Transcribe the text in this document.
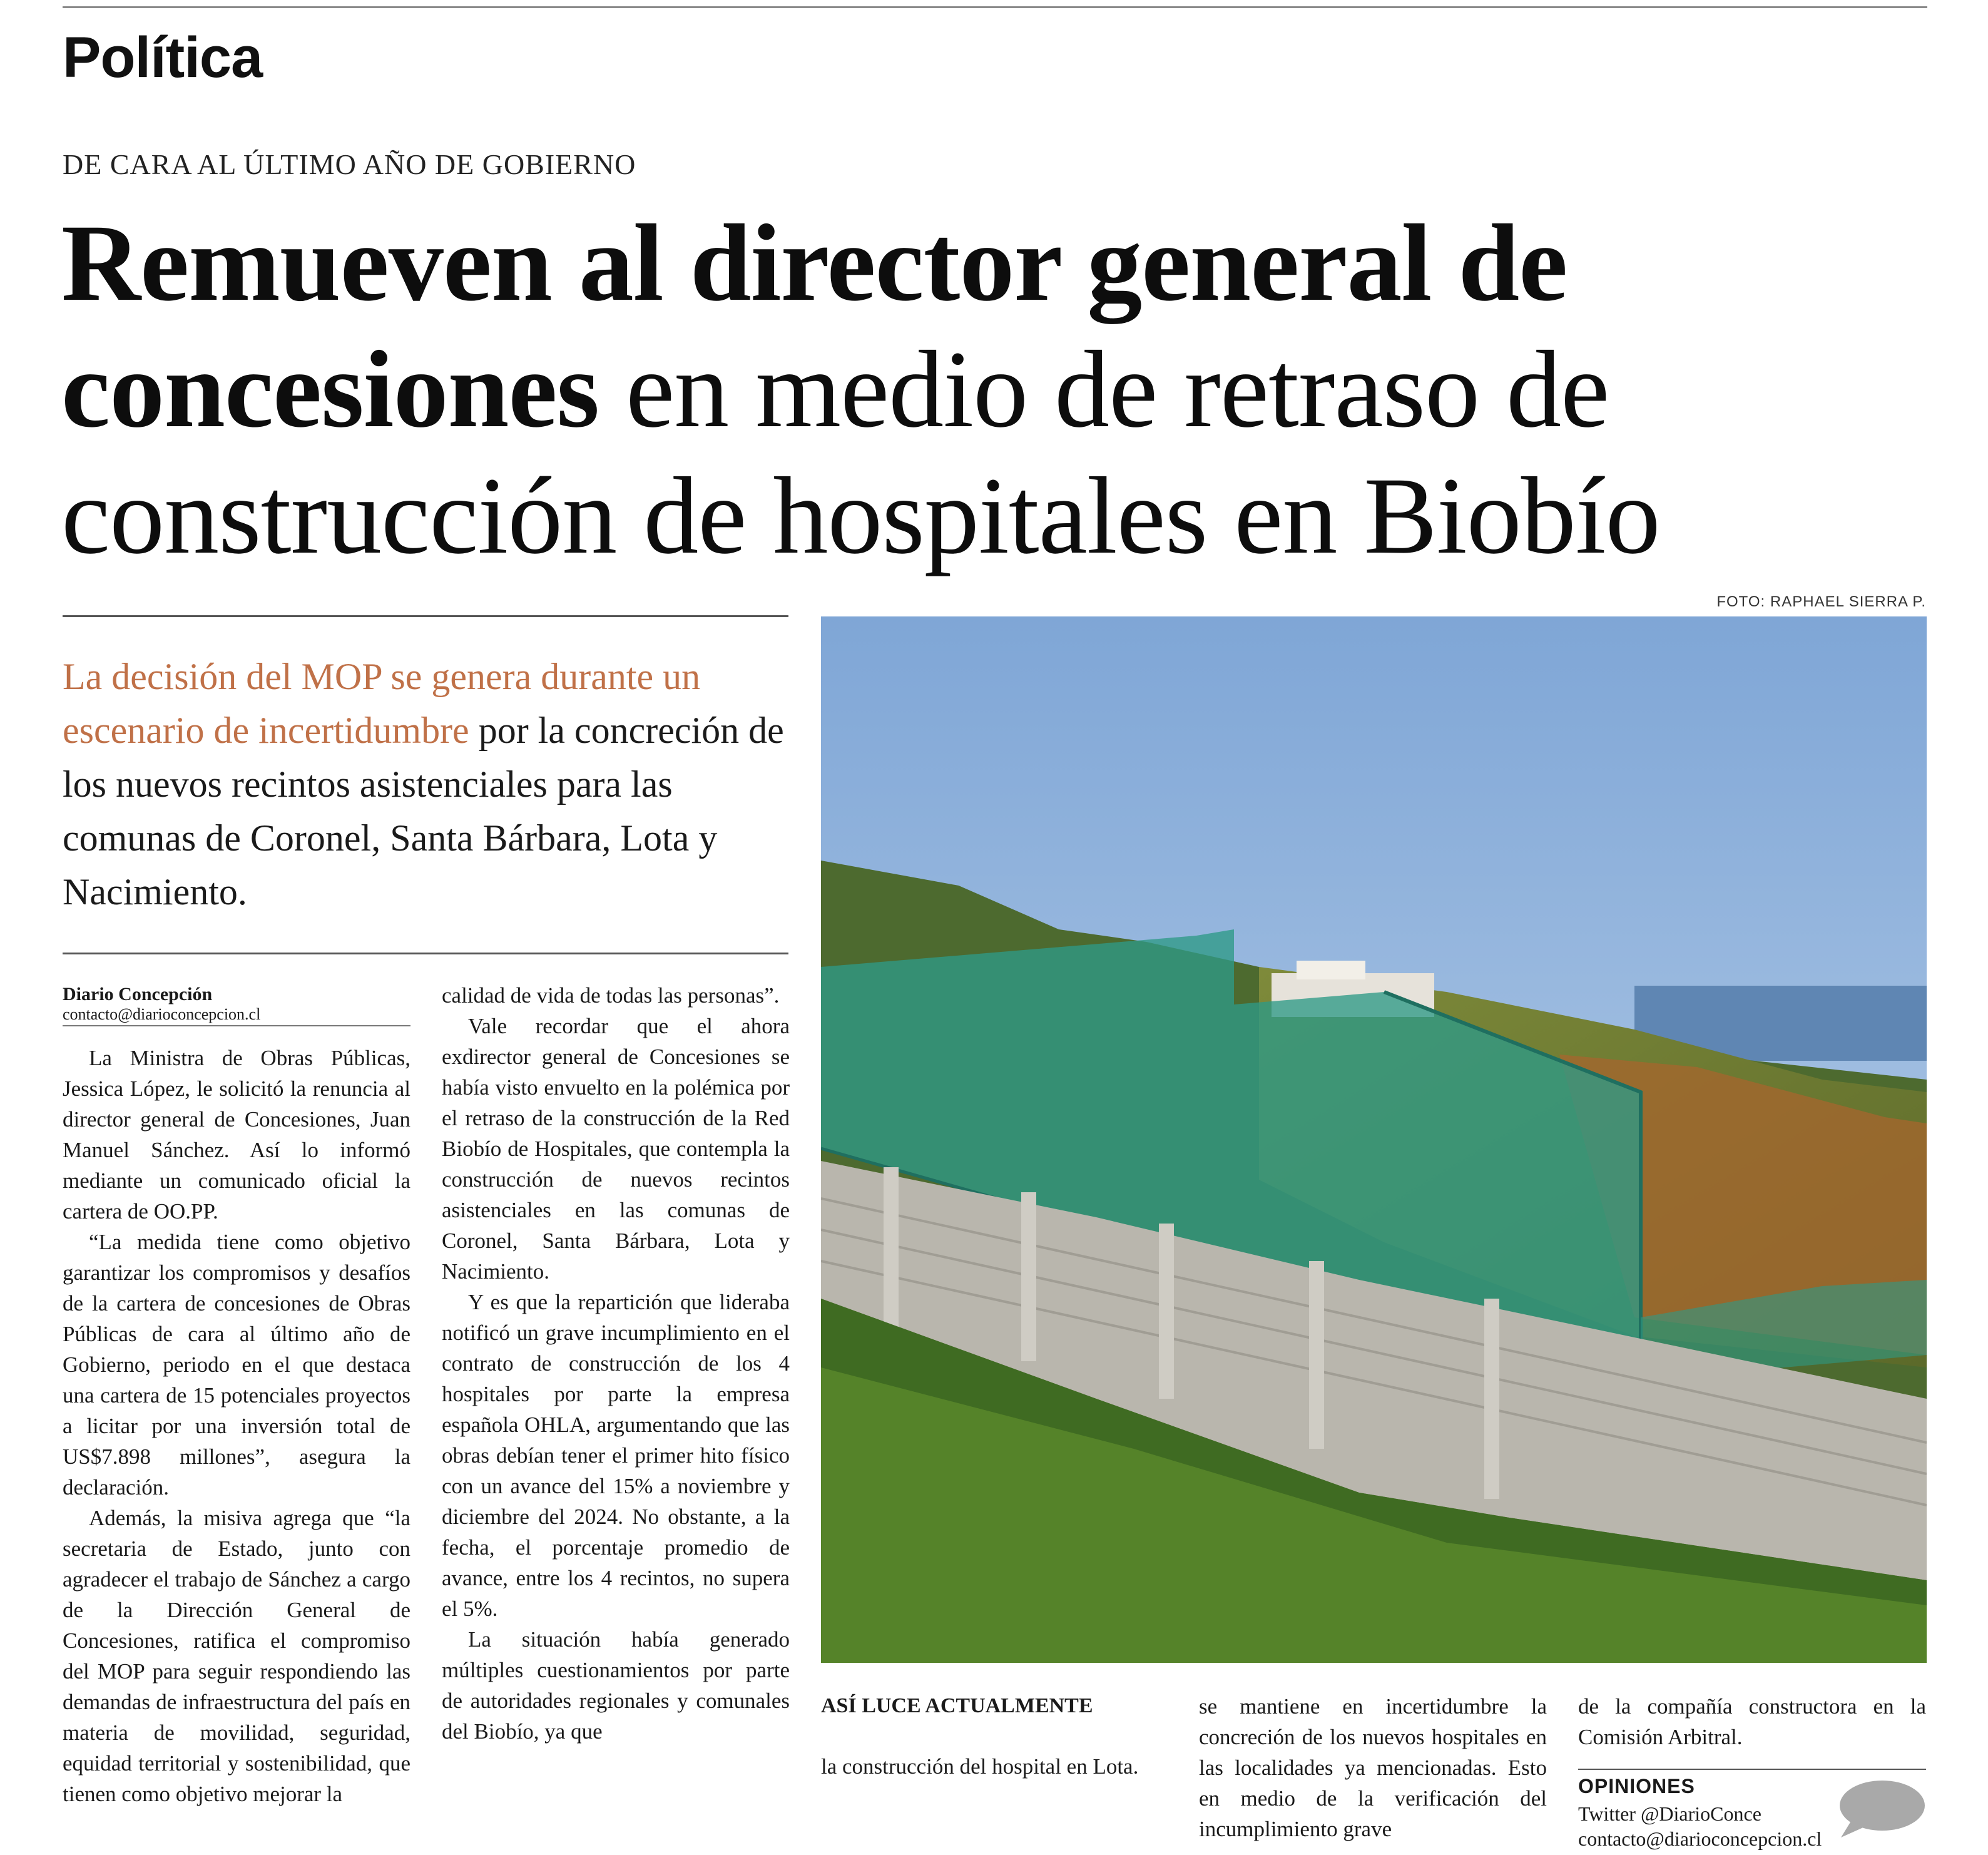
Política
DE CARA AL ÚLTIMO AÑO DE GOBIERNO
Remueven al director general de concesiones en medio de retraso de construcción de hospitales en Biobío
FOTO: RAPHAEL SIERRA P.

La decisión del MOP se genera durante un escenario de incertidumbre por la concreción de los nuevos recintos asistenciales para las comunas de Coronel, Santa Bárbara, Lota y Nacimiento.

Diario Concepción
contacto@diarioconcepcion.cl

La Ministra de Obras Públicas, Jessica López, le solicitó la renuncia al director general de Concesiones, Juan Manuel Sánchez. Así lo informó mediante un comunicado oficial la cartera de OO.PP.

“La medida tiene como objetivo garantizar los compromisos y desafíos de la cartera de concesiones de Obras Públicas de cara al último año de Gobierno, periodo en el que destaca una cartera de 15 potenciales proyectos a licitar por una inversión total de US$7.898 millones”, asegura la declaración.

Además, la misiva agrega que “la secretaria de Estado, junto con agradecer el trabajo de Sánchez a cargo de la Dirección General de Concesiones, ratifica el compromiso del MOP para seguir respondiendo las demandas de infraestructura del país en materia de movilidad, seguridad, equidad territorial y sostenibilidad, que tienen como objetivo mejorar la

calidad de vida de todas las personas”.

Vale recordar que el ahora exdirector general de Concesiones se había visto envuelto en la polémica por el retraso de la construcción de la Red Biobío de Hospitales, que contempla la construcción de nuevos recintos asistenciales en las comunas de Coronel, Santa Bárbara, Lota y Nacimiento.

Y es que la repartición que lideraba notificó un grave incumplimiento en el contrato de construcción de los 4 hospitales por parte la empresa española OHLA, argumentando que las obras debían tener el primer hito físico con un avance del 15% a noviembre y diciembre del 2024. No obstante, a la fecha, el porcentaje promedio de avance, entre los 4 recintos, no supera el 5%.

La situación había generado múltiples cuestionamientos por parte de autoridades regionales y comunales del Biobío, ya que

ASÍ LUCE ACTUALMENTE
la construcción del hospital en Lota.

se mantiene en incertidumbre la concreción de los nuevos hospitales en las localidades ya mencionadas. Esto en medio de la verificación del incumplimiento grave

de la compañía constructora en la Comisión Arbitral.

OPINIONES
Twitter @DiarioConce
contacto@diarioconcepcion.cl
